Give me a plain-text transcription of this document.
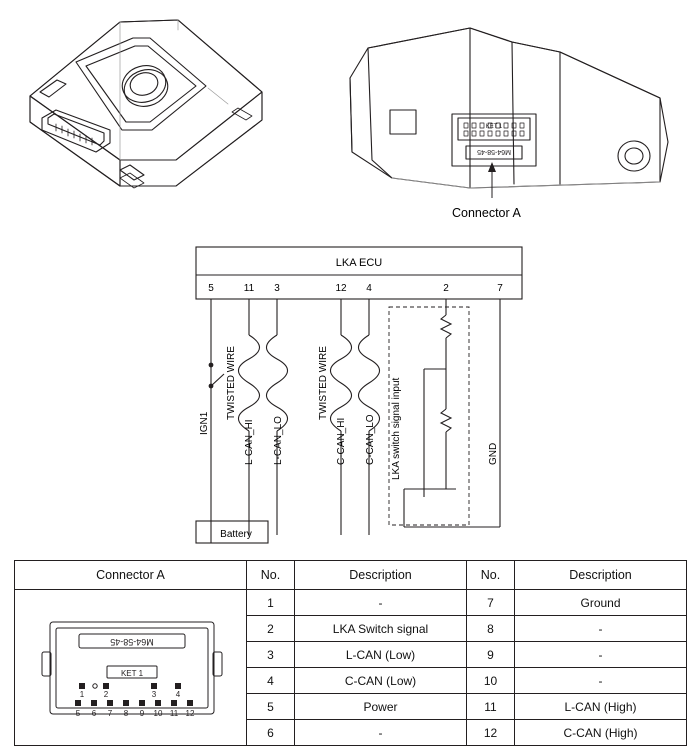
KET 1
M64-58-45
Connector A
LKA ECU
5	11 3	12 4	2	7
IGN1
TWISTED WIRE
L-CAN_HI L-CAN_LO
TWISTED WIRE
C-CAN_HI C-CAN_LO LKA switch signal input	GND
Battery
Connector A	No.	Description	No.	Description

M64-58-45
KET 1
1 2	3 4
5 6 7 8 9 10 11 12
	1	-	7	Ground
	2	LKA Switch signal	8	-
	3	L-CAN (Low)	9	-
	4	C-CAN (Low)	10	-
	5	Power	11	L-CAN (High)
	6	-	12	C-CAN (High)
